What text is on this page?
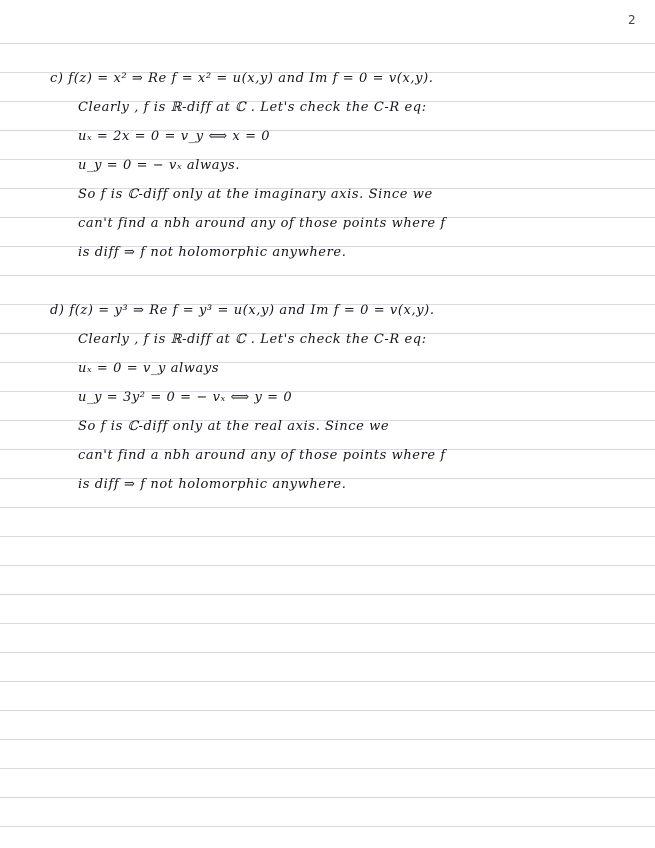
2
c) f(z) = x² ⇒ Re f = x² = u(x,y) and Im f = 0 = v(x,y).
Clearly , f is ℝ-diff at ℂ . Let's check the C-R eq:
uₓ = 2x = 0 = v_y ⟺ x = 0
u_y = 0 = − vₓ always.
So f is ℂ-diff only at the imaginary axis. Since we
can't find a nbh around any of those points where f
is diff ⇒ f not holomorphic anywhere.
d) f(z) = y³ ⇒ Re f = y³ = u(x,y) and Im f = 0 = v(x,y).
Clearly , f is ℝ-diff at ℂ . Let's check the C-R eq:
uₓ = 0 = v_y always
u_y = 3y² = 0 = − vₓ ⟺ y = 0
So f is ℂ-diff only at the real axis. Since we
can't find a nbh around any of those points where f
is diff ⇒ f not holomorphic anywhere.
